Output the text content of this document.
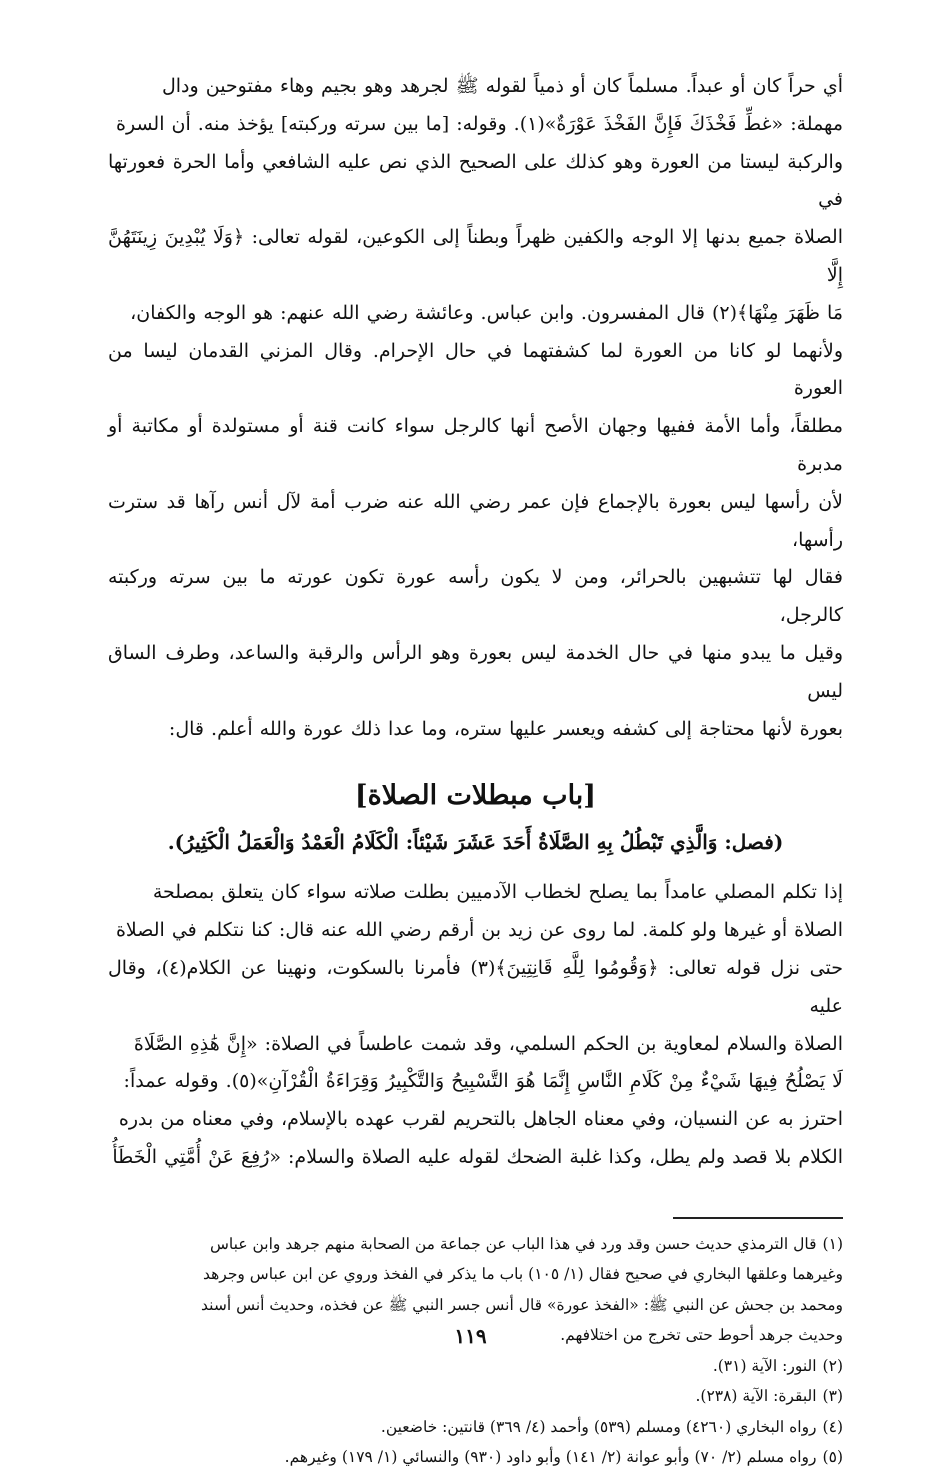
أي حراً كان أو عبداً. مسلماً كان أو ذمياً لقوله ﷺ لجرهد وهو بجيم وهاء مفتوحين ودال

مهملة: «غطِّ فَخْذَكَ فَإِنَّ الفَخْذَ عَوْرَةٌ»(١). وقوله: [ما بين سرته وركبته] يؤخذ منه. أن السرة

والركبة ليستا من العورة وهو كذلك على الصحيح الذي نص عليه الشافعي وأما الحرة فعورتها في

الصلاة جميع بدنها إلا الوجه والكفين ظهراً وبطناً إلى الكوعين، لقوله تعالى: ﴿وَلَا يُبْدِينَ زِينَتَهُنَّ إِلَّا

مَا ظَهَرَ مِنْهَا﴾(٢) قال المفسرون. وابن عباس. وعائشة رضي الله عنهم: هو الوجه والكفان،

ولأنهما لو كانا من العورة لما كشفتهما في حال الإحرام. وقال المزني القدمان ليسا من العورة

مطلقاً، وأما الأمة ففيها وجهان الأصح أنها كالرجل سواء كانت قنة أو مستولدة أو مكاتبة أو مدبرة

لأن رأسها ليس بعورة بالإجماع فإن عمر رضي الله عنه ضرب أمة لآل أنس رآها قد سترت رأسها،

فقال لها تتشبهين بالحرائر، ومن لا يكون رأسه عورة تكون عورته ما بين سرته وركبته كالرجل،

وقيل ما يبدو منها في حال الخدمة ليس بعورة وهو الرأس والرقبة والساعد، وطرف الساق ليس

بعورة لأنها محتاجة إلى كشفه ويعسر عليها ستره، وما عدا ذلك عورة والله أعلم. قال:

[باب مبطلات الصلاة]
(فصل: وَالَّذِي تَبْطُلُ بِهِ الصَّلَاةُ أَحَدَ عَشَرَ شَيْئاً: الْكَلَامُ الْعَمْدُ وَالْعَمَلُ الْكَثِيرُ).

إذا تكلم المصلي عامداً بما يصلح لخطاب الآدميين بطلت صلاته سواء كان يتعلق بمصلحة

الصلاة أو غيرها ولو كلمة. لما روى عن زيد بن أرقم رضي الله عنه قال: كنا نتكلم في الصلاة

حتى نزل قوله تعالى: ﴿وَقُومُوا لِلَّهِ قَانِتِينَ﴾(٣) فأمرنا بالسكوت، ونهينا عن الكلام(٤)، وقال عليه

الصلاة والسلام لمعاوية بن الحكم السلمي، وقد شمت عاطساً في الصلاة: «إِنَّ هَٰذِهِ الصَّلَاةَ

لَا يَصْلُحُ فِيهَا شَيْءٌ مِنْ كَلَامِ النَّاسِ إِنَّمَا هُوَ التَّسْبِيحُ وَالتَّكْبِيرُ وَقِرَاءَةُ الْقُرْآنِ»(٥). وقوله عمداً:

احترز به عن النسيان، وفي معناه الجاهل بالتحريم لقرب عهده بالإسلام، وفي معناه من بدره

الكلام بلا قصد ولم يطل، وكذا غلبة الضحك لقوله عليه الصلاة والسلام: «رُفِعَ عَنْ أُمَّتِي الْخَطَأُ

(١)قال الترمذي حديث حسن وقد ورد في هذا الباب عن جماعة من الصحابة منهم جرهد وابن عباس
وغيرهما وعلقها البخاري في صحيح فقال (١/ ١٠٥) باب ما يذكر في الفخذ وروي عن ابن عباس وجرهد
ومحمد بن جحش عن النبي ﷺ: «الفخذ عورة» قال أنس جسر النبي ﷺ عن فخذه، وحديث أنس أسند
وحديث جرهد أحوط حتى تخرج من اختلافهم.
(٢)النور: الآية (٣١).
(٣)البقرة: الآية (٢٣٨).
(٤)رواه البخاري (٤٢٦٠) ومسلم (٥٣٩) وأحمد (٤/ ٣٦٩) قانتين: خاضعين.
(٥)رواه مسلم (٢/ ٧٠) وأبو عوانة (٢/ ١٤١) وأبو داود (٩٣٠) والنسائي (١/ ١٧٩) وغيرهم.
١١٩
